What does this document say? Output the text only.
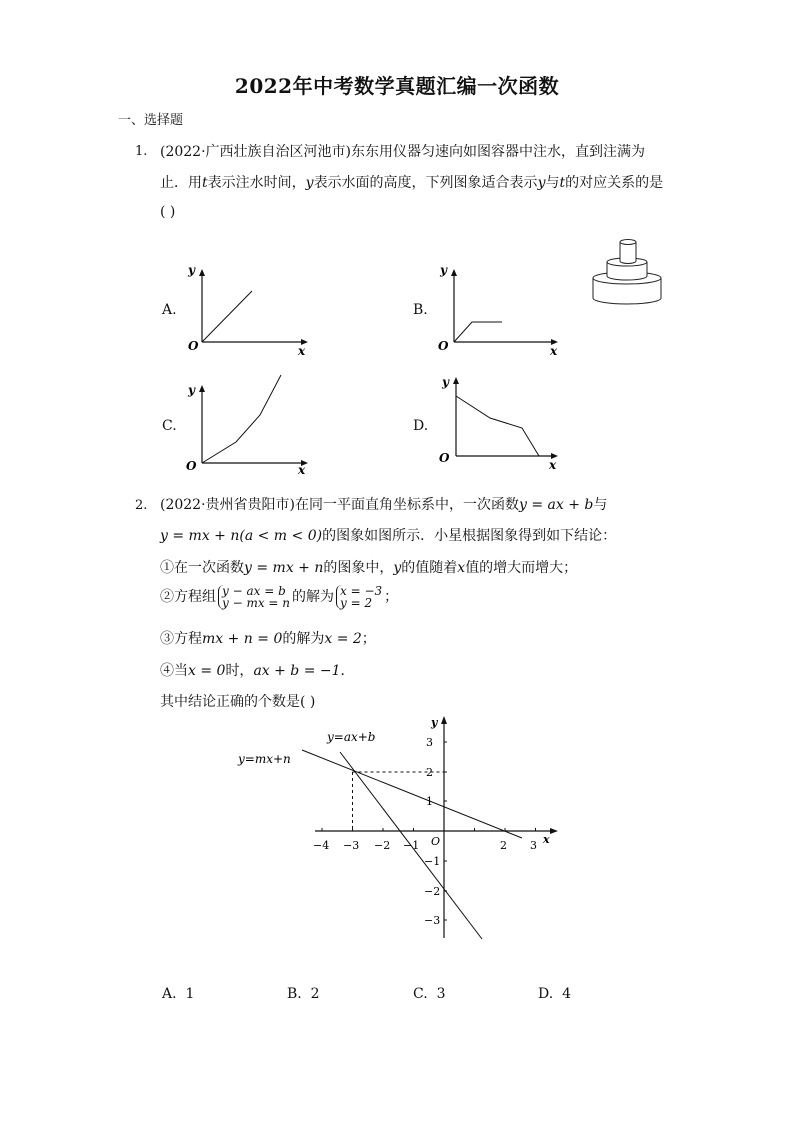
2022年中考数学真题汇编一次函数
一、选择题
1. (2022·广西壮族自治区河池市)东东用仪器匀速向如图容器中注水，直到注满为
止．用t表示注水时间，y表示水面的高度，下列图象适合表示y与t的对应关系的是
( )
A.
O	x
y
B.
O	x
y
C.
O	x
y
D.
O	x
y
2. (2022·贵州省贵阳市)在同一平面直角坐标系中，一次函数y = ax + b与
y = mx + n(a < m < 0)的图象如图所示．小星根据图象得到如下结论：
①在一次函数y = mx + n的图象中，y的值随着x值的增大而增大；
②方程组 y − ax = b
y − mx = n 的解为 x = −3
y = 2 ；
③方程mx + n = 0的解为x = 2；
④当x = 0时，ax + b = −1．
其中结论正确的个数是( )
−4 −3 −2 −1	2 3
3
2
1
−1
−2
−3
O	x
y
y=ax+b
y=mx+n
A. 1	B. 2	C. 3	D. 4
